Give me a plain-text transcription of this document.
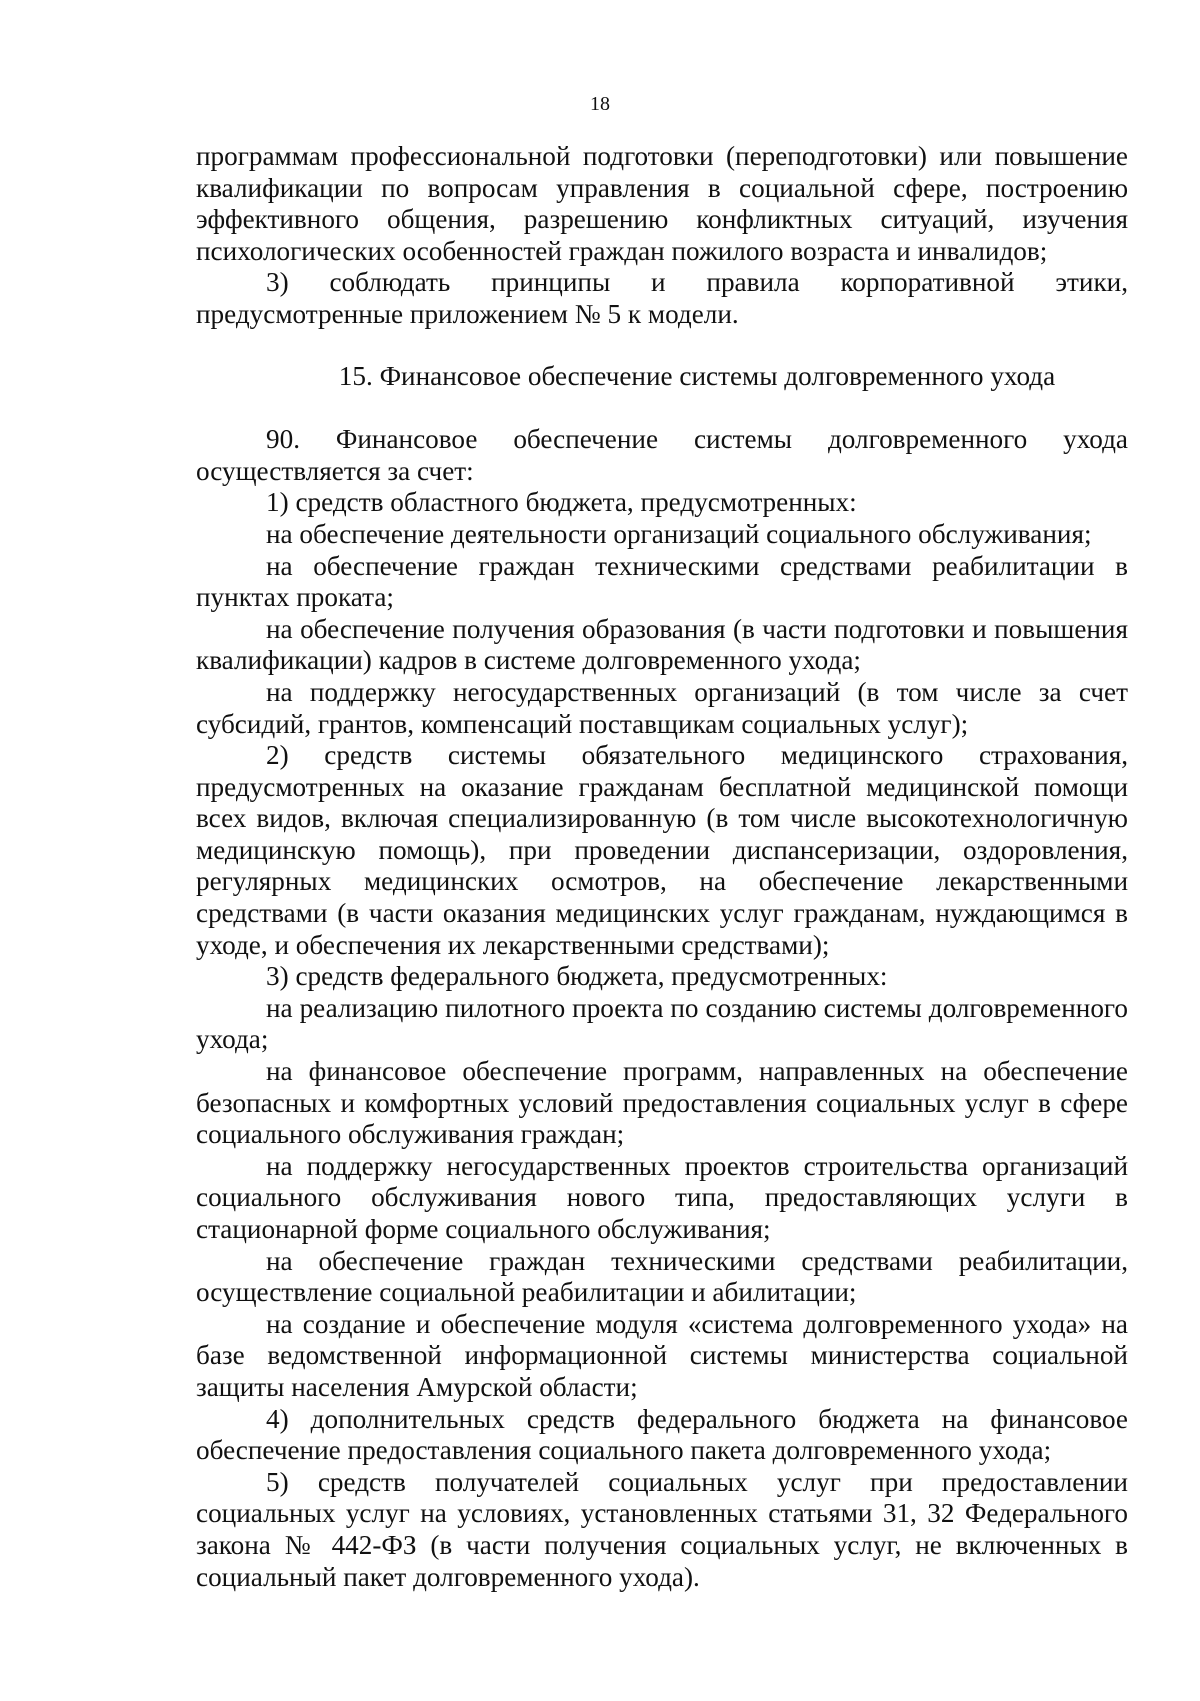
18

программам профессиональной подготовки (переподготовки) или повышение квалификации по вопросам управления в социальной сфере, построению эффективного общения, разрешению конфликтных ситуаций, изучения психологических особенностей граждан пожилого возраста и инвалидов;

3) соблюдать принципы и правила корпоративной этики, предусмотренные приложением № 5 к модели.

15. Финансовое обеспечение системы долговременного ухода

90. Финансовое обеспечение системы долговременного ухода осуществляется за счет:

1) средств областного бюджета, предусмотренных:

на обеспечение деятельности организаций социального обслуживания;

на обеспечение граждан техническими средствами реабилитации в пунктах проката;

на обеспечение получения образования (в части подготовки и повышения квалификации) кадров в системе долговременного ухода;

на поддержку негосударственных организаций (в том числе за счет субсидий, грантов, компенсаций поставщикам социальных услуг);

2) средств системы обязательного медицинского страхования, предусмотренных на оказание гражданам бесплатной медицинской помощи всех видов, включая специализированную (в том числе высокотехнологичную медицинскую помощь), при проведении диспансеризации, оздоровления, регулярных медицинских осмотров, на обеспечение лекарственными средствами (в части оказания медицинских услуг гражданам, нуждающимся в уходе, и обеспечения их лекарственными средствами);

3) средств федерального бюджета, предусмотренных:

на реализацию пилотного проекта по созданию системы долговременного ухода;

на финансовое обеспечение программ, направленных на обеспечение безопасных и комфортных условий предоставления социальных услуг в сфере социального обслуживания граждан;

на поддержку негосударственных проектов строительства организаций социального обслуживания нового типа, предоставляющих услуги в стационарной форме социального обслуживания;

на обеспечение граждан техническими средствами реабилитации, осуществление социальной реабилитации и абилитации;

на создание и обеспечение модуля «система долговременного ухода» на базе ведомственной информационной системы министерства социальной защиты населения Амурской области;

4) дополнительных средств федерального бюджета на финансовое обеспечение предоставления социального пакета долговременного ухода;

5) средств получателей социальных услуг при предоставлении социальных услуг на условиях, установленных статьями 31, 32 Федерального закона № 442-ФЗ (в части получения социальных услуг, не включенных в социальный пакет долговременного ухода).
